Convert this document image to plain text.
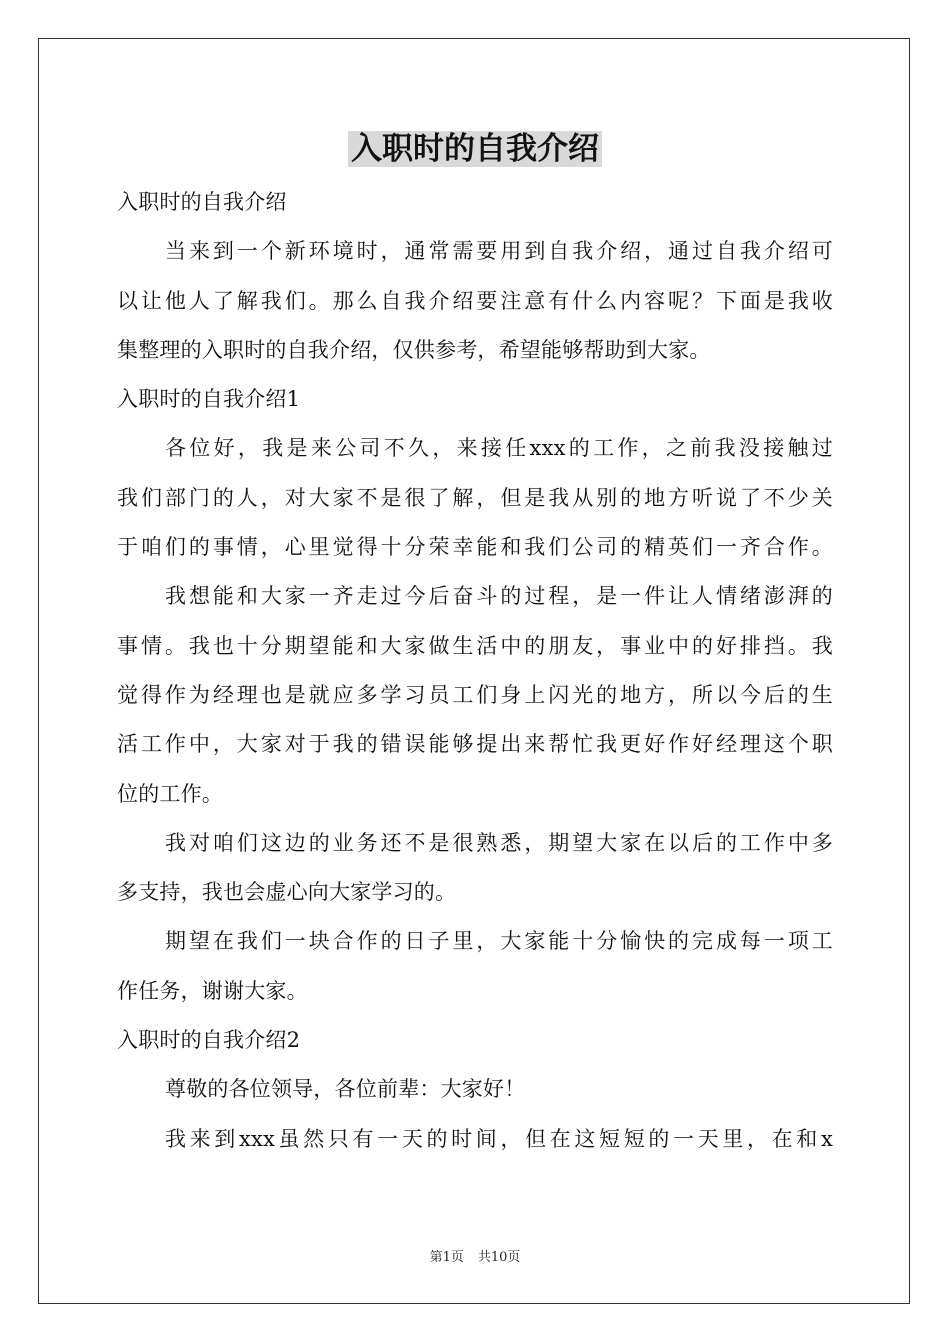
入职时的自我介绍

入职时的自我介绍

当来到一个新环境时，通常需要用到自我介绍，通过自我介绍可

以让他人了解我们。那么自我介绍要注意有什么内容呢？下面是我收

集整理的入职时的自我介绍，仅供参考，希望能够帮助到大家。

入职时的自我介绍1

各位好，我是来公司不久，来接任xxx的工作，之前我没接触过

我们部门的人，对大家不是很了解，但是我从别的地方听说了不少关

于咱们的事情，心里觉得十分荣幸能和我们公司的精英们一齐合作。

我想能和大家一齐走过今后奋斗的过程，是一件让人情绪澎湃的

事情。我也十分期望能和大家做生活中的朋友，事业中的好排挡。我

觉得作为经理也是就应多学习员工们身上闪光的地方，所以今后的生

活工作中，大家对于我的错误能够提出来帮忙我更好作好经理这个职

位的工作。

我对咱们这边的业务还不是很熟悉，期望大家在以后的工作中多

多支持，我也会虚心向大家学习的。

期望在我们一块合作的日子里，大家能十分愉快的完成每一项工

作任务，谢谢大家。

入职时的自我介绍2

尊敬的各位领导，各位前辈：大家好！

我来到xxx虽然只有一天的时间，但在这短短的一天里，在和x

第1页 共10页
